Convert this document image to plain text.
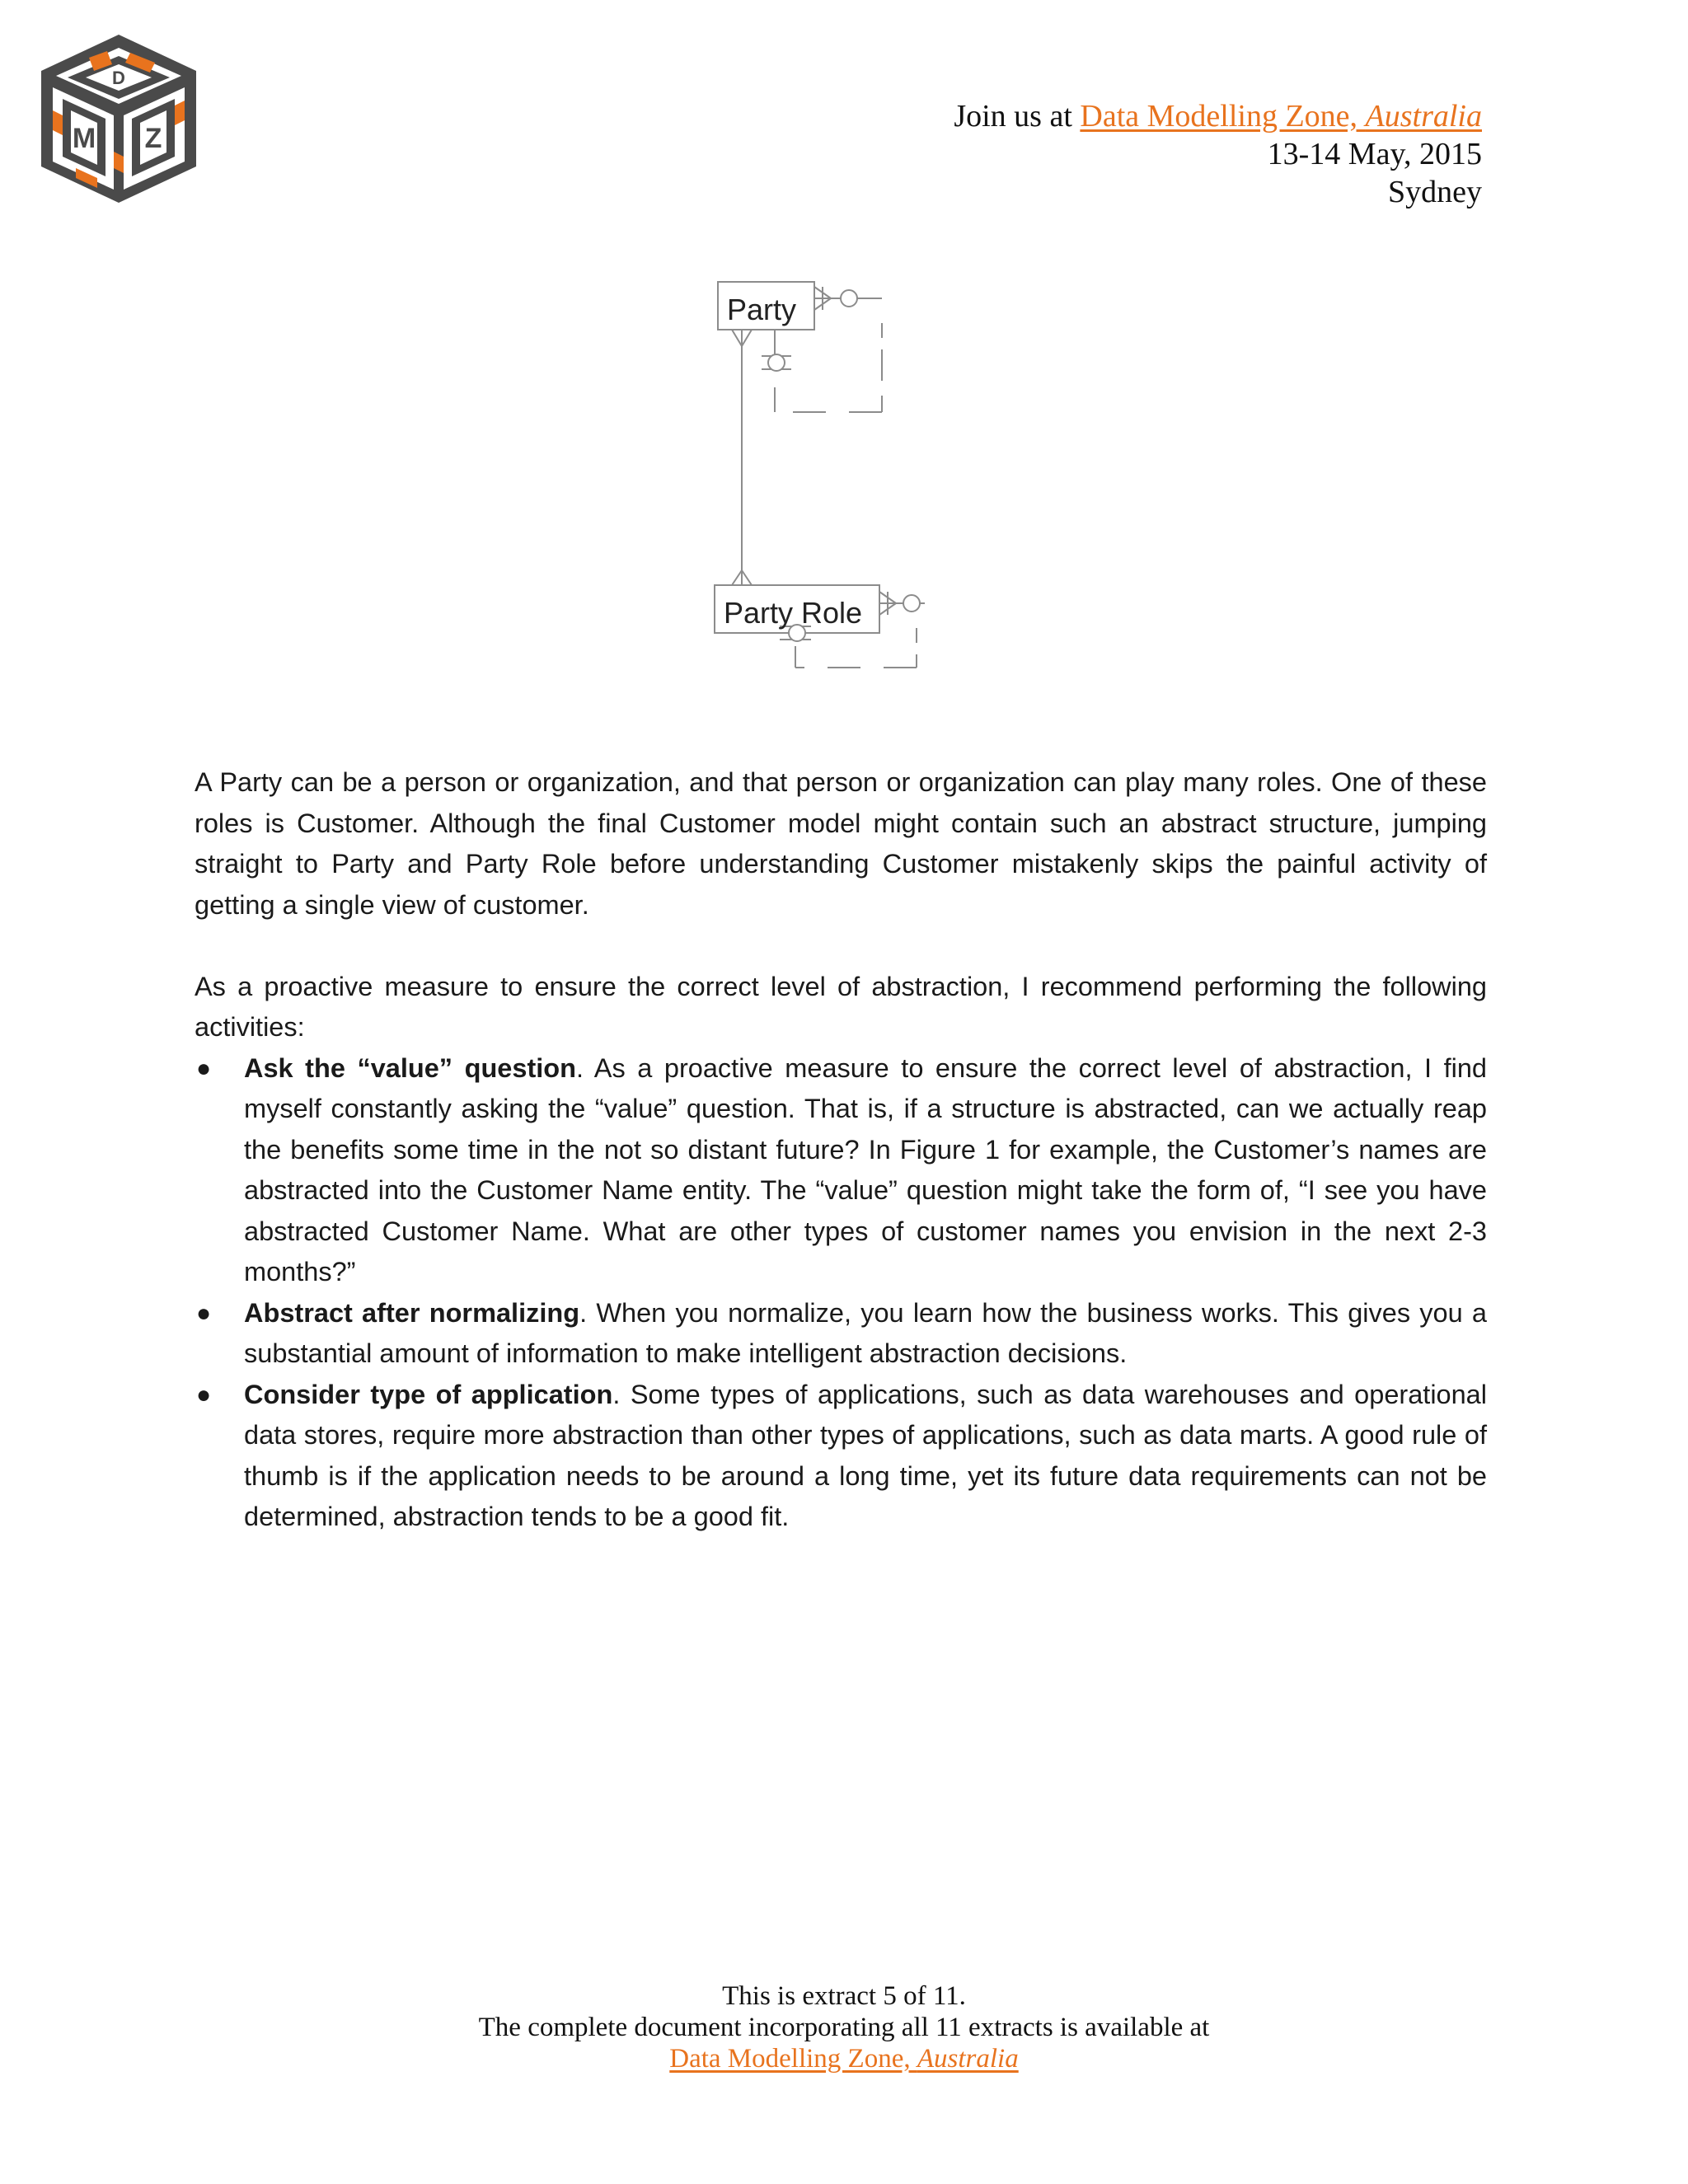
D
M Z
Join us at Data Modelling Zone, Australia
13-14 May, 2015
Sydney
Party
Party Role

A Party can be a person or organization, and that person or organization can play many roles. One of these roles is Customer. Although the final Customer model might contain such an abstract structure, jumping straight to Party and Party Role before understanding Customer mistakenly skips the painful activity of getting a single view of customer.

As a proactive measure to ensure the correct level of abstraction, I recommend performing the following activities:

● Ask the “value” question. As a proactive measure to ensure the correct level of abstraction, I find myself constantly asking the “value” question. That is, if a structure is abstracted, can we actually reap the benefits some time in the not so distant future? In Figure 1 for example, the Customer’s names are abstracted into the Customer Name entity. The “value” question might take the form of, “I see you have abstracted Customer Name. What are other types of customer names you envision in the next 2-3 months?”
● Abstract after normalizing. When you normalize, you learn how the business works. This gives you a substantial amount of information to make intelligent abstraction decisions.
● Consider type of application. Some types of applications, such as data warehouses and operational data stores, require more abstraction than other types of applications, such as data marts. A good rule of thumb is if the application needs to be around a long time, yet its future data requirements can not be determined, abstraction tends to be a good fit.
This is extract 5 of 11.
The complete document incorporating all 11 extracts is available at
Data Modelling Zone, Australia
